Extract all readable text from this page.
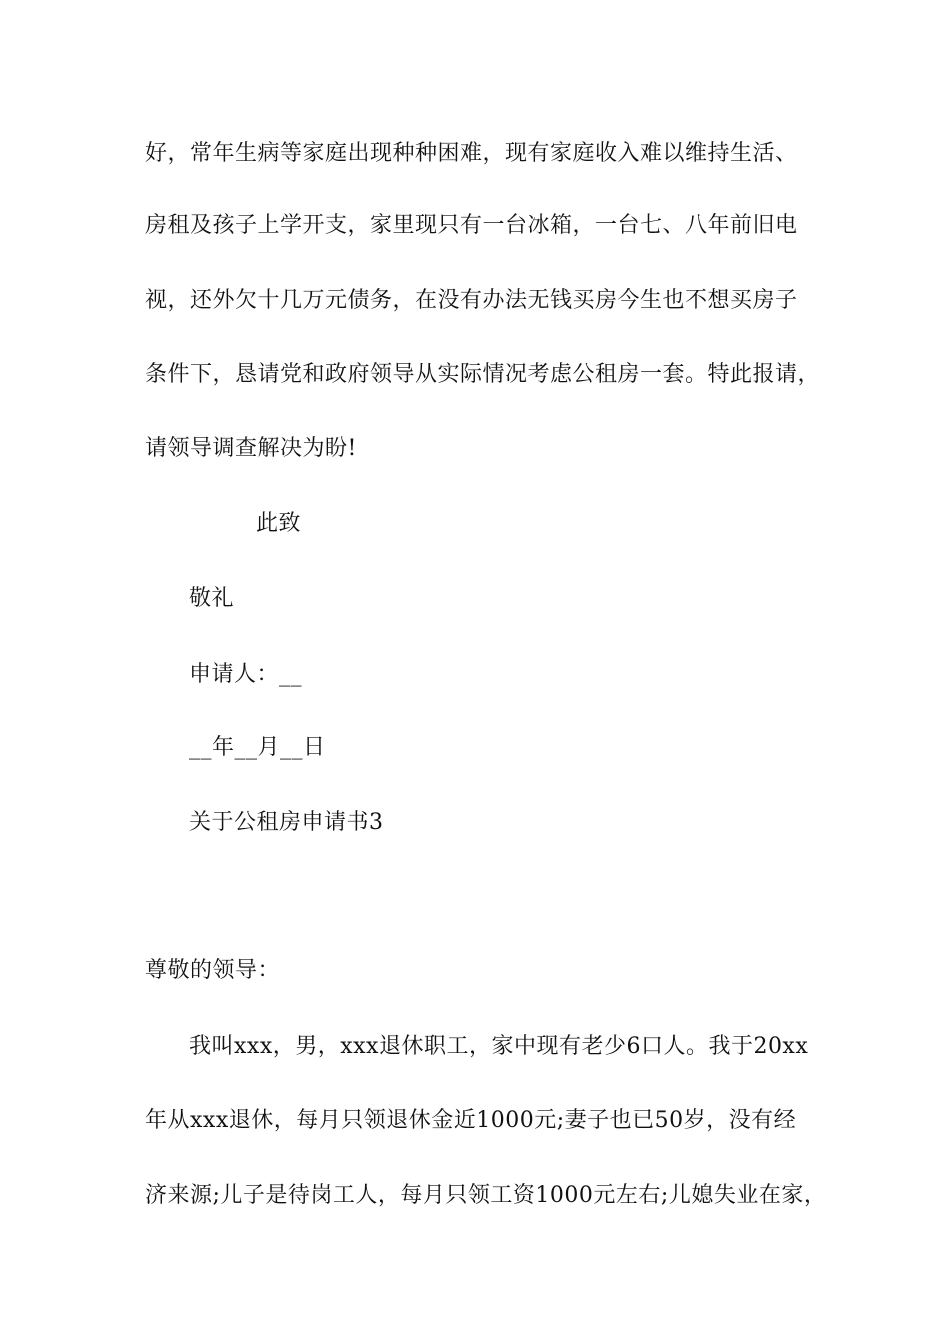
好，常年生病等家庭出现种种困难，现有家庭收入难以维持生活、
房租及孩子上学开支，家里现只有一台冰箱，一台七、八年前旧电
视，还外欠十几万元债务，在没有办法无钱买房今生也不想买房子
条件下，恳请党和政府领导从实际情况考虑公租房一套。特此报请，
请领导调查解决为盼!
此致
敬礼
申请人：__
__年__月__日
关于公租房申请书3
尊敬的领导：
我叫xxx，男，xxx退休职工，家中现有老少6口人。我于20xx
年从xxx退休，每月只领退休金近1000元;妻子也已50岁，没有经
济来源;儿子是待岗工人，每月只领工资1000元左右;儿媳失业在家，
